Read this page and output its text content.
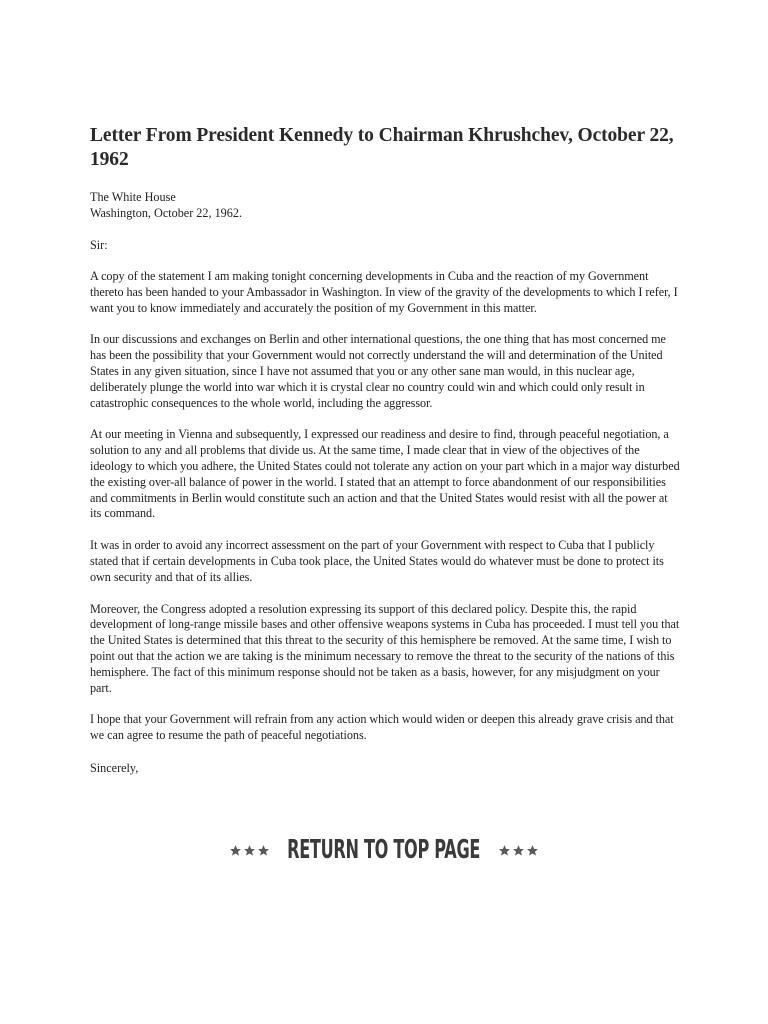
Letter From President Kennedy to Chairman Khrushchev, October 22, 1962
The White House
Washington, October 22, 1962.
Sir:

A copy of the statement I am making tonight concerning developments in Cuba and the reaction of my Government thereto has been handed to your Ambassador in Washington. In view of the gravity of the developments to which I refer, I want you to know immediately and accurately the position of my Government in this matter.

In our discussions and exchanges on Berlin and other international questions, the one thing that has most concerned me has been the possibility that your Government would not correctly understand the will and determination of the United States in any given situation, since I have not assumed that you or any other sane man would, in this nuclear age, deliberately plunge the world into war which it is crystal clear no country could win and which could only result in catastrophic consequences to the whole world, including the aggressor.

At our meeting in Vienna and subsequently, I expressed our readiness and desire to find, through peaceful negotiation, a solution to any and all problems that divide us. At the same time, I made clear that in view of the objectives of the ideology to which you adhere, the United States could not tolerate any action on your part which in a major way disturbed the existing over-all balance of power in the world. I stated that an attempt to force abandonment of our responsibilities and commitments in Berlin would constitute such an action and that the United States would resist with all the power at its command.

It was in order to avoid any incorrect assessment on the part of your Government with respect to Cuba that I publicly stated that if certain developments in Cuba took place, the United States would do whatever must be done to protect its own security and that of its allies.

Moreover, the Congress adopted a resolution expressing its support of this declared policy. Despite this, the rapid development of long-range missile bases and other offensive weapons systems in Cuba has proceeded. I must tell you that the United States is determined that this threat to the security of this hemisphere be removed. At the same time, I wish to point out that the action we are taking is the minimum necessary to remove the threat to the security of the nations of this hemisphere. The fact of this minimum response should not be taken as a basis, however, for any misjudgment on your part.

I hope that your Government will refrain from any action which would widen or deepen this already grave crisis and that we can agree to resume the path of peaceful negotiations.

Sincerely,
RETURN TO TOP PAGE
